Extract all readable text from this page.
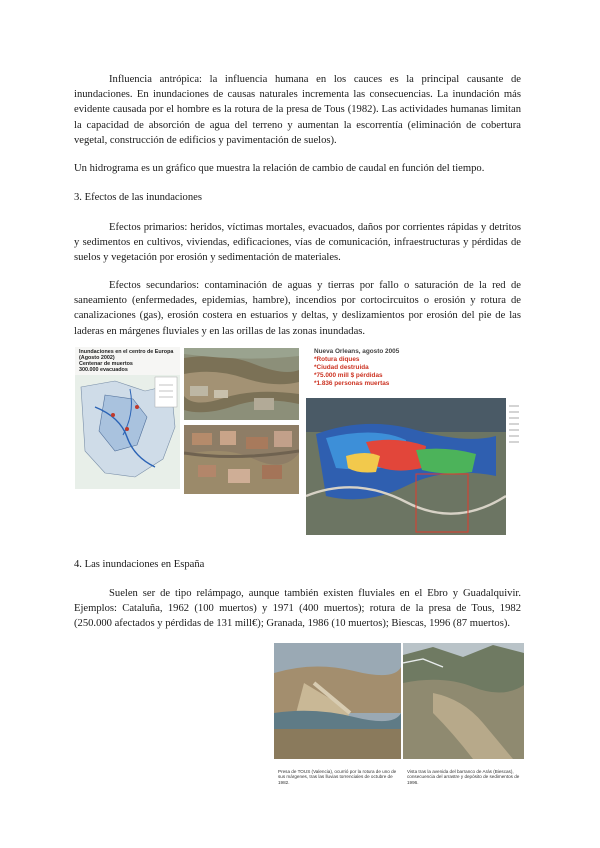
Influencia antrópica: la influencia humana en los cauces es la principal causante de inundaciones. En inundaciones de causas naturales incrementa las consecuencias. La inundación más evidente causada por el hombre es la rotura de la presa de Tous (1982). Las actividades humanas limitan la capacidad de absorción de agua del terreno y aumentan la escorrentía (eliminación de cobertura vegetal, construcción de edificios y pavimentación de suelos).

Un hidrograma es un gráfico que muestra la relación de cambio de caudal en función del tiempo.

3. Efectos de las inundaciones

Efectos primarios: heridos, víctimas mortales, evacuados, daños por corrientes rápidas y detritos y sedimentos en cultivos, viviendas, edificaciones, vías de comunicación, infraestructuras y pérdidas de suelos y vegetación por erosión y sedimentación de materiales.

Efectos secundarios: contaminación de aguas y tierras por fallo o saturación de la red de saneamiento (enfermedades, epidemias, hambre), incendios por cortocircuitos o erosión y rotura de canalizaciones (gas), erosión costera en estuarios y deltas, y deslizamientos por erosión del pie de las laderas en márgenes fluviales y en las orillas de las zonas inundadas.

Inundaciones en el centro de Europa
(Agosto 2002)
Centenar de muertos
300.000 evacuados
Nueva Orleans, agosto 2005
*Rotura diques
*Ciudad destruida
*75.000 mill $ pérdidas
*1.836 personas muertas

4. Las inundaciones en España

Suelen ser de tipo relámpago, aunque también existen fluviales en el Ebro y Guadalquivir. Ejemplos: Cataluña, 1962 (100 muertos) y 1971 (400 muertos); rotura de la presa de Tous, 1982 (250.000 afectados y pérdidas de 131 mill€); Granada, 1986 (10 muertos); Biescas, 1996 (87 muertos).

Presa de TOUS (Valencia), ocurrió por la rotura de uno de sus márgenes, tras las lluvias torrenciales de octubre de 1982.
Vista tras la avenida del barranco de Arás (Biescas), consecuencia del arrastre y depósito de sedimentos de 1996.
